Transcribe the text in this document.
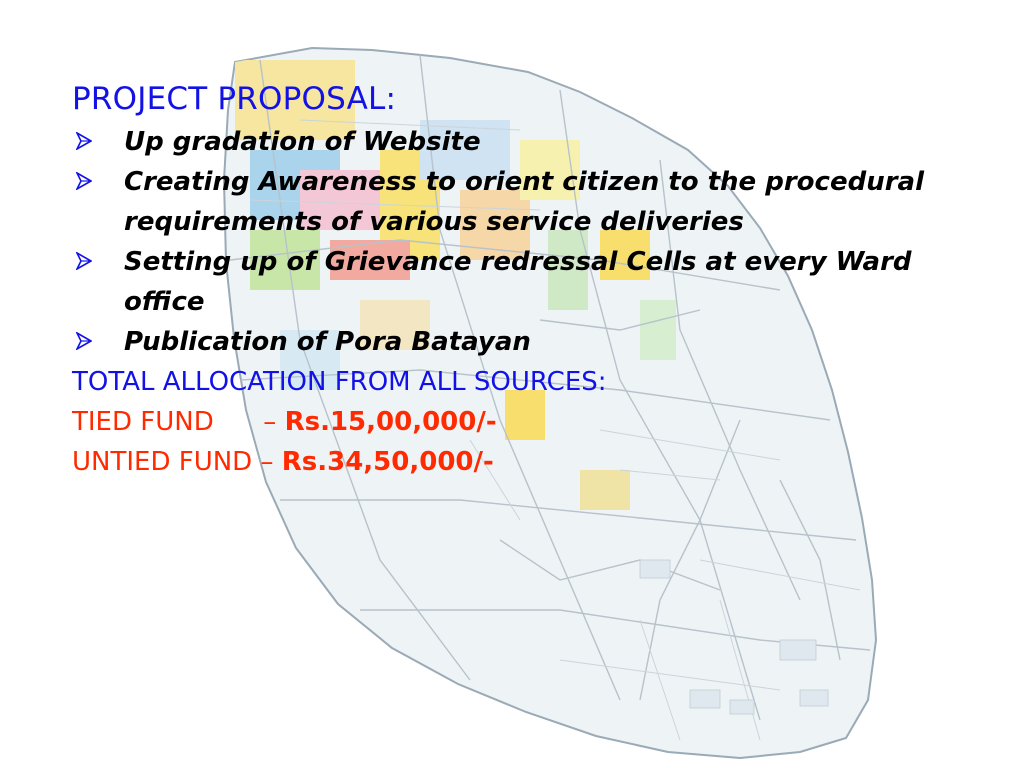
PROJECT PROPOSAL:
Up gradation of Website
Creating Awareness to orient citizen to the procedural requirements of various service deliveries
Setting up of Grievance redressal Cells at every Ward office
Publication of Pora Batayan
TOTAL ALLOCATION FROM ALL SOURCES:
TIED FUND      – Rs.15,00,000/-
UNTIED FUND – Rs.34,50,000/-
